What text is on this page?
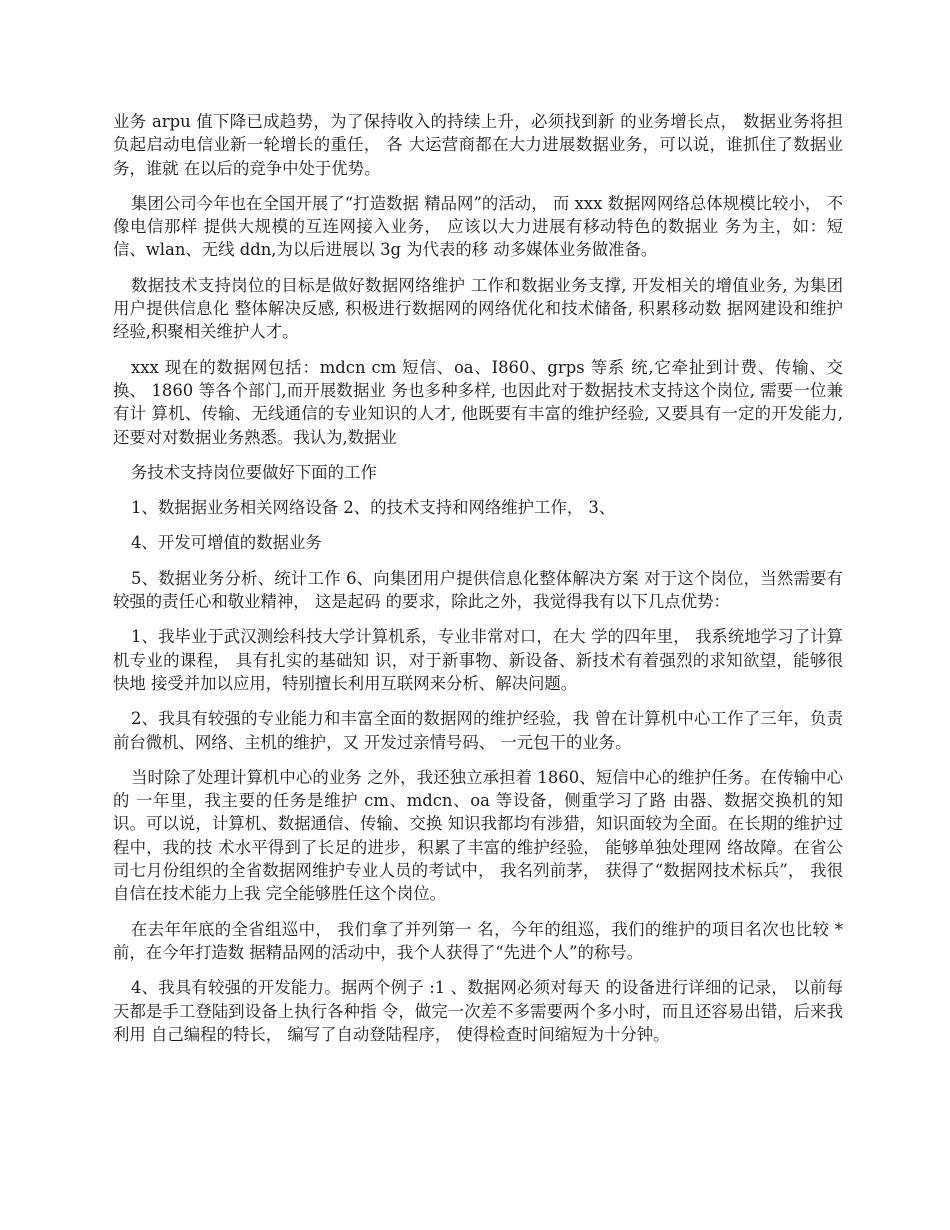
业务 arpu 值下降已成趋势，为了保持收入的持续上升，必须找到新 的业务增长点， 数据业务将担负起启动电信业新一轮增长的重任， 各 大运营商都在大力进展数据业务，可以说，谁抓住了数据业务，谁就 在以后的竞争中处于优势。

集团公司今年也在全国开展了“打造数据 精品网”的活动， 而 xxx 数据网网络总体规模比较小， 不像电信那样 提供大规模的互连网接入业务， 应该以大力进展有移动特色的数据业 务为主，如：短信、wlan、无线 ddn,为以后进展以 3g 为代表的移 动多媒体业务做准备。

数据技术支持岗位的目标是做好数据网络维护 工作和数据业务支撑, 开发相关的增值业务, 为集团用户提供信息化 整体解决反感, 积极进行数据网的网络优化和技术储备, 积累移动数 据网建设和维护经验,积聚相关维护人才。

xxx 现在的数据网包括：mdcn cm 短信、oa、I860、grps 等系 统,它牵扯到计费、传输、交换、 1860 等各个部门,而开展数据业 务也多种多样, 也因此对于数据技术支持这个岗位, 需要一位兼有计 算机、传输、无线通信的专业知识的人才, 他既要有丰富的维护经验, 又要具有一定的开发能力,还要对对数据业务熟悉。我认为,数据业

务技术支持岗位要做好下面的工作

1、数据据业务相关网络设备 2、的技术支持和网络维护工作， 3、

4、开发可增值的数据业务

5、数据业务分析、统计工作 6、向集团用户提供信息化整体解决方案 对于这个岗位，当然需要有较强的责任心和敬业精神， 这是起码 的要求，除此之外，我觉得我有以下几点优势：

1、我毕业于武汉测绘科技大学计算机系，专业非常对口，在大 学的四年里， 我系统地学习了计算机专业的课程， 具有扎实的基础知 识，对于新事物、新设备、新技术有着强烈的求知欲望，能够很快地 接受并加以应用，特别擅长利用互联网来分析、解决问题。

2、我具有较强的专业能力和丰富全面的数据网的维护经验，我 曾在计算机中心工作了三年，负责前台微机、网络、主机的维护，又 开发过亲情号码、 一元包干的业务。

当时除了处理计算机中心的业务 之外，我还独立承担着 1860、短信中心的维护任务。在传输中心的 一年里，我主要的任务是维护 cm、mdcn、oa 等设备，侧重学习了路 由器、数据交换机的知识。可以说，计算机、数据通信、传输、交换 知识我都均有涉猎，知识面较为全面。在长期的维护过程中，我的技 术水平得到了长足的进步，积累了丰富的维护经验， 能够单独处理网 络故障。在省公司七月份组织的全省数据网维护专业人员的考试中， 我名列前茅， 获得了“数据网技术标兵”， 我很自信在技术能力上我 完全能够胜任这个岗位。

在去年年底的全省组巡中， 我们拿了并列第一 名，今年的组巡，我们的维护的项目名次也比较 * 前，在今年打造数 据精品网的活动中，我个人获得了“先进个人”的称号。

4、我具有较强的开发能力。据两个例子 :1 、数据网必须对每天 的设备进行详细的记录， 以前每天都是手工登陆到设备上执行各种指 令，做完一次差不多需要两个多小时，而且还容易出错，后来我利用 自己编程的特长， 编写了自动登陆程序， 使得检查时间缩短为十分钟。
